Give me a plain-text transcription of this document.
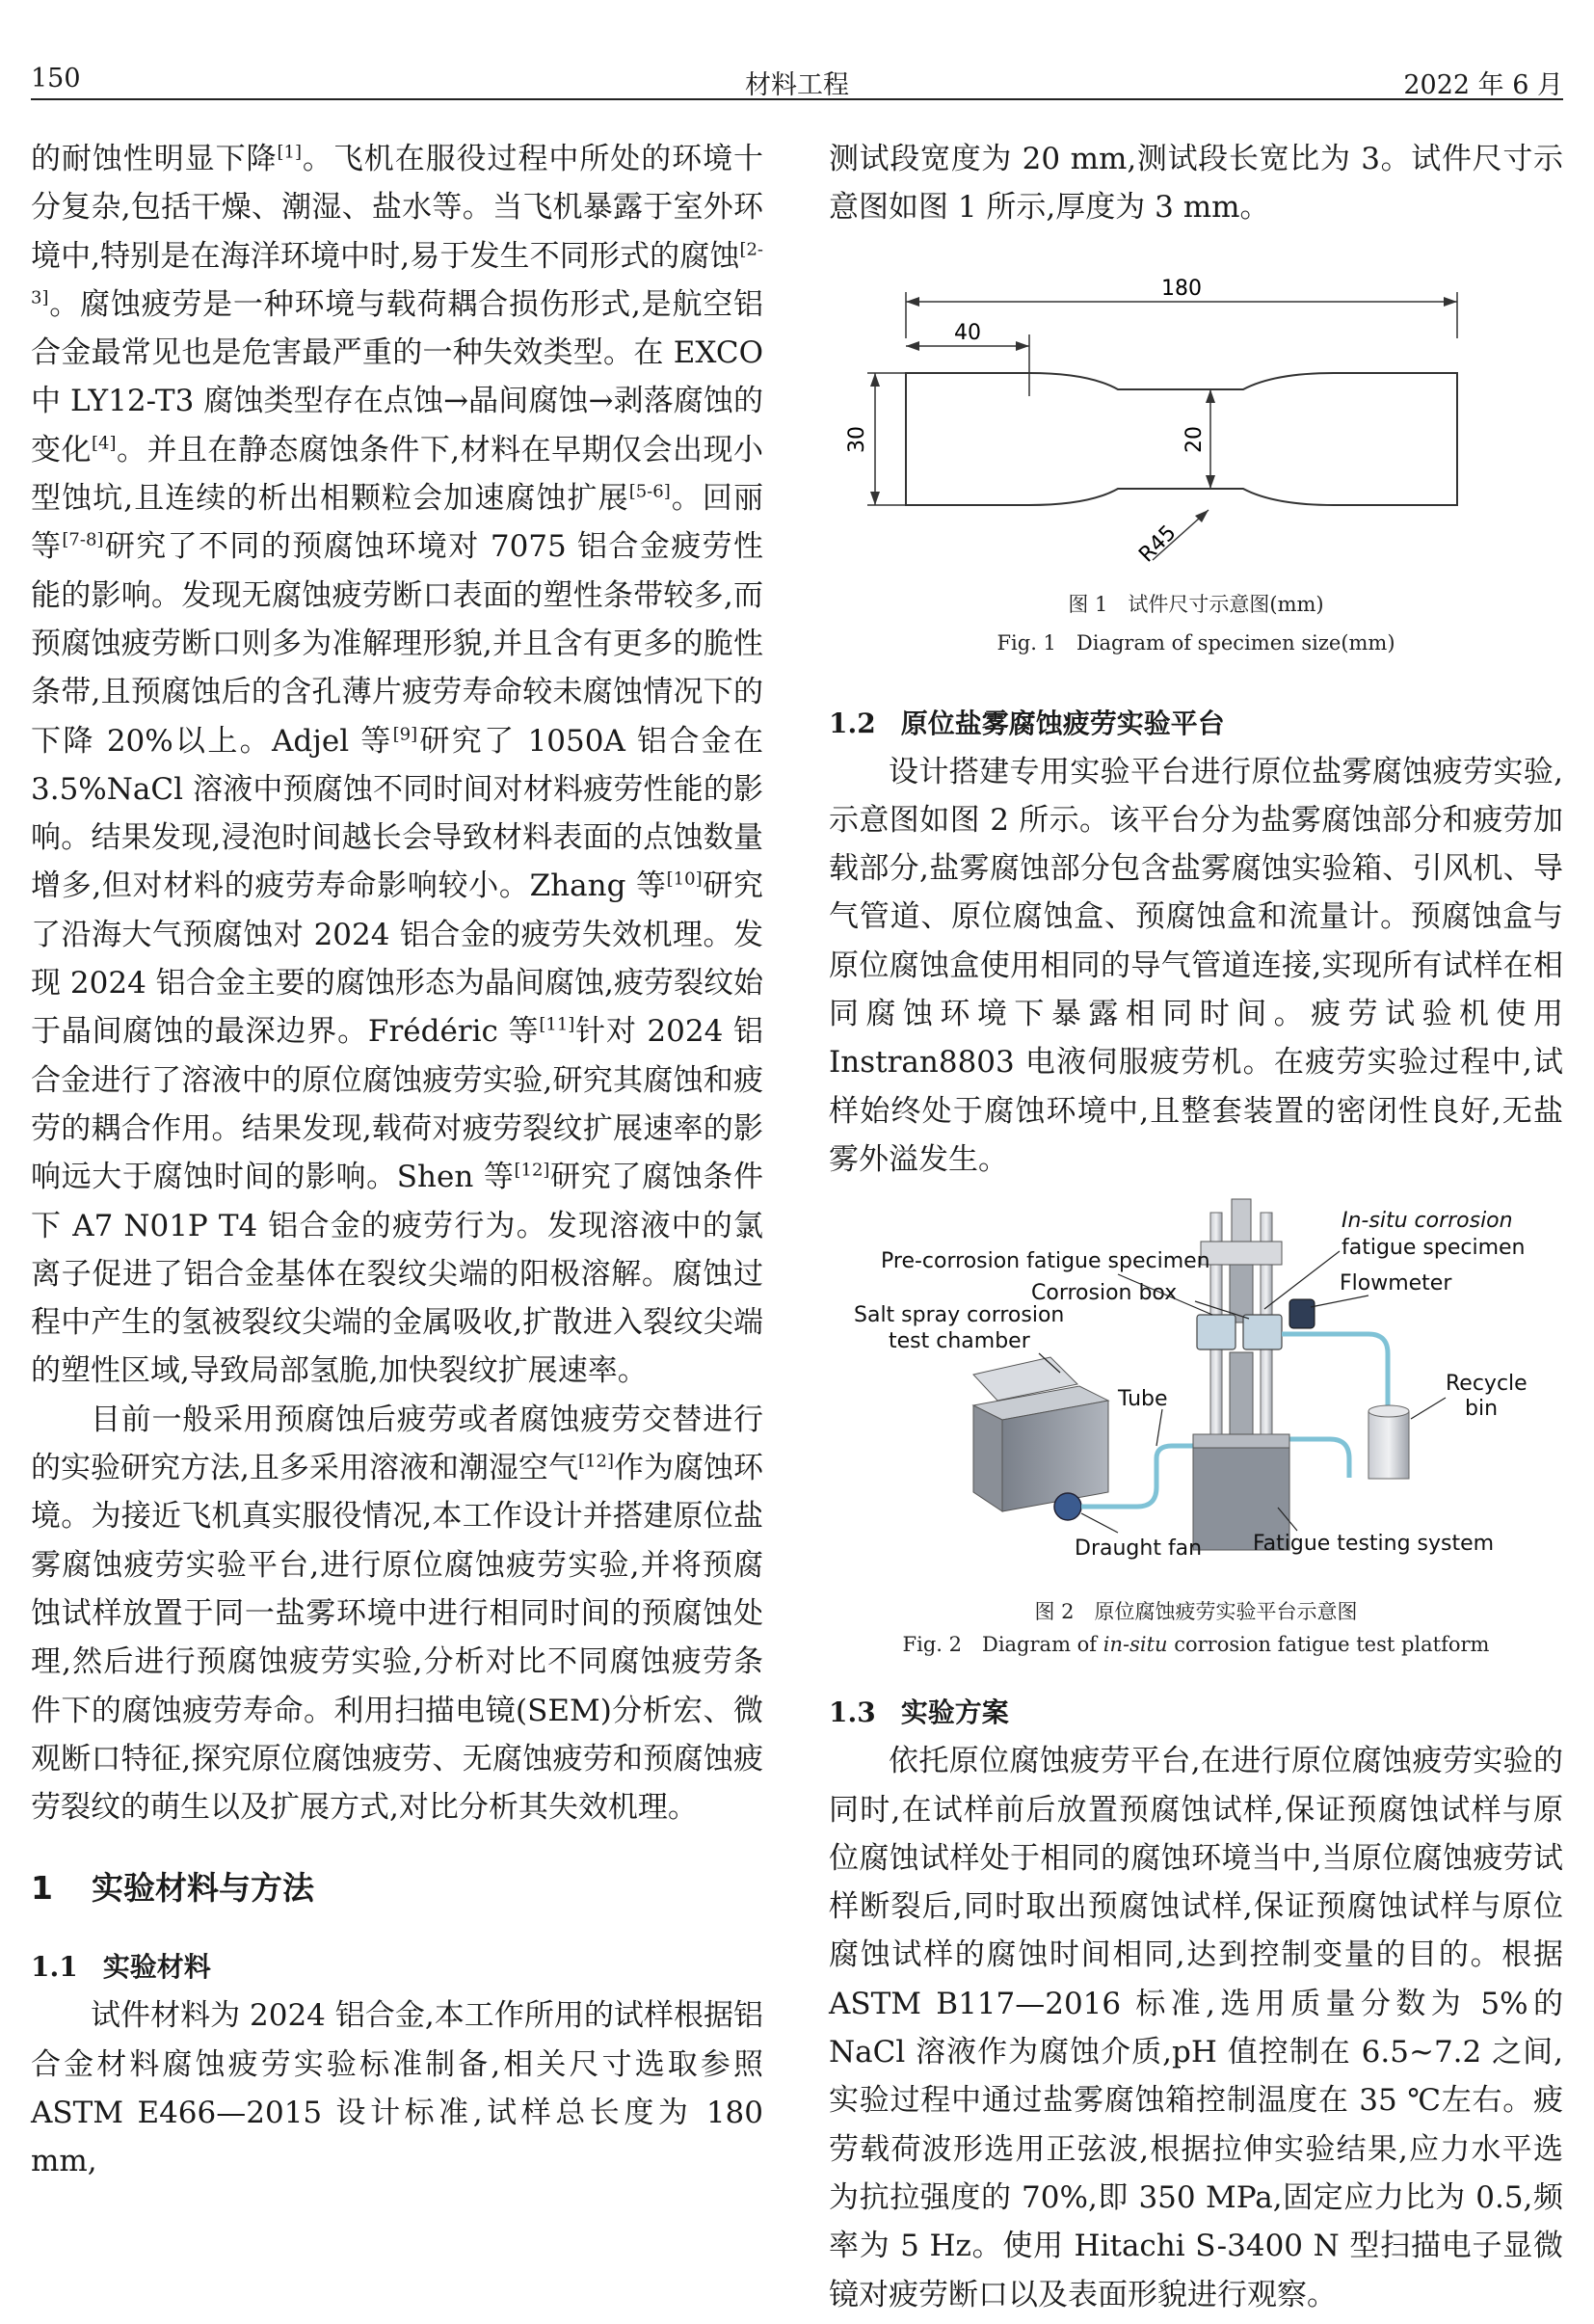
150	材料工程	2022 年 6 月

的耐蚀性明显下降[1]。飞机在服役过程中所处的环境十分复杂,包括干燥、潮湿、盐水等。当飞机暴露于室外环境中,特别是在海洋环境中时,易于发生不同形式的腐蚀[2-3]。腐蚀疲劳是一种环境与载荷耦合损伤形式,是航空铝合金最常见也是危害最严重的一种失效类型。在 EXCO 中 LY12-T3 腐蚀类型存在点蚀→晶间腐蚀→剥落腐蚀的变化[4]。并且在静态腐蚀条件下,材料在早期仅会出现小型蚀坑,且连续的析出相颗粒会加速腐蚀扩展[5-6]。回丽等[7-8]研究了不同的预腐蚀环境对 7075 铝合金疲劳性能的影响。发现无腐蚀疲劳断口表面的塑性条带较多,而预腐蚀疲劳断口则多为准解理形貌,并且含有更多的脆性条带,且预腐蚀后的含孔薄片疲劳寿命较未腐蚀情况下的下降 20%以上。Adjel 等[9]研究了 1050A 铝合金在 3.5%NaCl 溶液中预腐蚀不同时间对材料疲劳性能的影响。结果发现,浸泡时间越长会导致材料表面的点蚀数量增多,但对材料的疲劳寿命影响较小。Zhang 等[10]研究了沿海大气预腐蚀对 2024 铝合金的疲劳失效机理。发现 2024 铝合金主要的腐蚀形态为晶间腐蚀,疲劳裂纹始于晶间腐蚀的最深边界。Frédéric 等[11]针对 2024 铝合金进行了溶液中的原位腐蚀疲劳实验,研究其腐蚀和疲劳的耦合作用。结果发现,载荷对疲劳裂纹扩展速率的影响远大于腐蚀时间的影响。Shen 等[12]研究了腐蚀条件下 A7 N01P T4 铝合金的疲劳行为。发现溶液中的氯离子促进了铝合金基体在裂纹尖端的阳极溶解。腐蚀过程中产生的氢被裂纹尖端的金属吸收,扩散进入裂纹尖端的塑性区域,导致局部氢脆,加快裂纹扩展速率。

目前一般采用预腐蚀后疲劳或者腐蚀疲劳交替进行的实验研究方法,且多采用溶液和潮湿空气[12]作为腐蚀环境。为接近飞机真实服役情况,本工作设计并搭建原位盐雾腐蚀疲劳实验平台,进行原位腐蚀疲劳实验,并将预腐蚀试样放置于同一盐雾环境中进行相同时间的预腐蚀处理,然后进行预腐蚀疲劳实验,分析对比不同腐蚀疲劳条件下的腐蚀疲劳寿命。利用扫描电镜(SEM)分析宏、微观断口特征,探究原位腐蚀疲劳、无腐蚀疲劳和预腐蚀疲劳裂纹的萌生以及扩展方式,对比分析其失效机理。

1 实验材料与方法
1.1 实验材料

试件材料为 2024 铝合金,本工作所用的试样根据铝合金材料腐蚀疲劳实验标准制备,相关尺寸选取参照 ASTM E466—2015 设计标准,试样总长度为 180 mm,

测试段宽度为 20 mm,测试段长宽比为 3。试件尺寸示意图如图 1 所示,厚度为 3 mm。

180
40
30	20
R45
图 1　试件尺寸示意图(mm)
Fig. 1　Diagram of specimen size(mm)
1.2 原位盐雾腐蚀疲劳实验平台

设计搭建专用实验平台进行原位盐雾腐蚀疲劳实验,示意图如图 2 所示。该平台分为盐雾腐蚀部分和疲劳加载部分,盐雾腐蚀部分包含盐雾腐蚀实验箱、引风机、导气管道、原位腐蚀盒、预腐蚀盒和流量计。预腐蚀盒与原位腐蚀盒使用相同的导气管道连接,实现所有试样在相同腐蚀环境下暴露相同时间。疲劳试验机使用 Instran8803 电液伺服疲劳机。在疲劳实验过程中,试样始终处于腐蚀环境中,且整套装置的密闭性良好,无盐雾外溢发生。

In-situ corrosion
fatigue specimen
Pre-corrosion fatigue specimen
Corrosion box	Flowmeter
Salt spray corrosion
test chamber
Tube
Recycle
bin
Draught fan Fatigue testing system
图 2　原位腐蚀疲劳实验平台示意图
Fig. 2　Diagram of in-situ corrosion fatigue test platform
1.3 实验方案

依托原位腐蚀疲劳平台,在进行原位腐蚀疲劳实验的同时,在试样前后放置预腐蚀试样,保证预腐蚀试样与原位腐蚀试样处于相同的腐蚀环境当中,当原位腐蚀疲劳试样断裂后,同时取出预腐蚀试样,保证预腐蚀试样与原位腐蚀试样的腐蚀时间相同,达到控制变量的目的。根据 ASTM B117—2016 标准,选用质量分数为 5%的 NaCl 溶液作为腐蚀介质,pH 值控制在 6.5~7.2 之间,实验过程中通过盐雾腐蚀箱控制温度在 35 ℃左右。疲劳载荷波形选用正弦波,根据拉伸实验结果,应力水平选为抗拉强度的 70%,即 350 MPa,固定应力比为 0.5,频率为 5 Hz。使用 Hitachi S-3400 N 型扫描电子显微镜对疲劳断口以及表面形貌进行观察。
